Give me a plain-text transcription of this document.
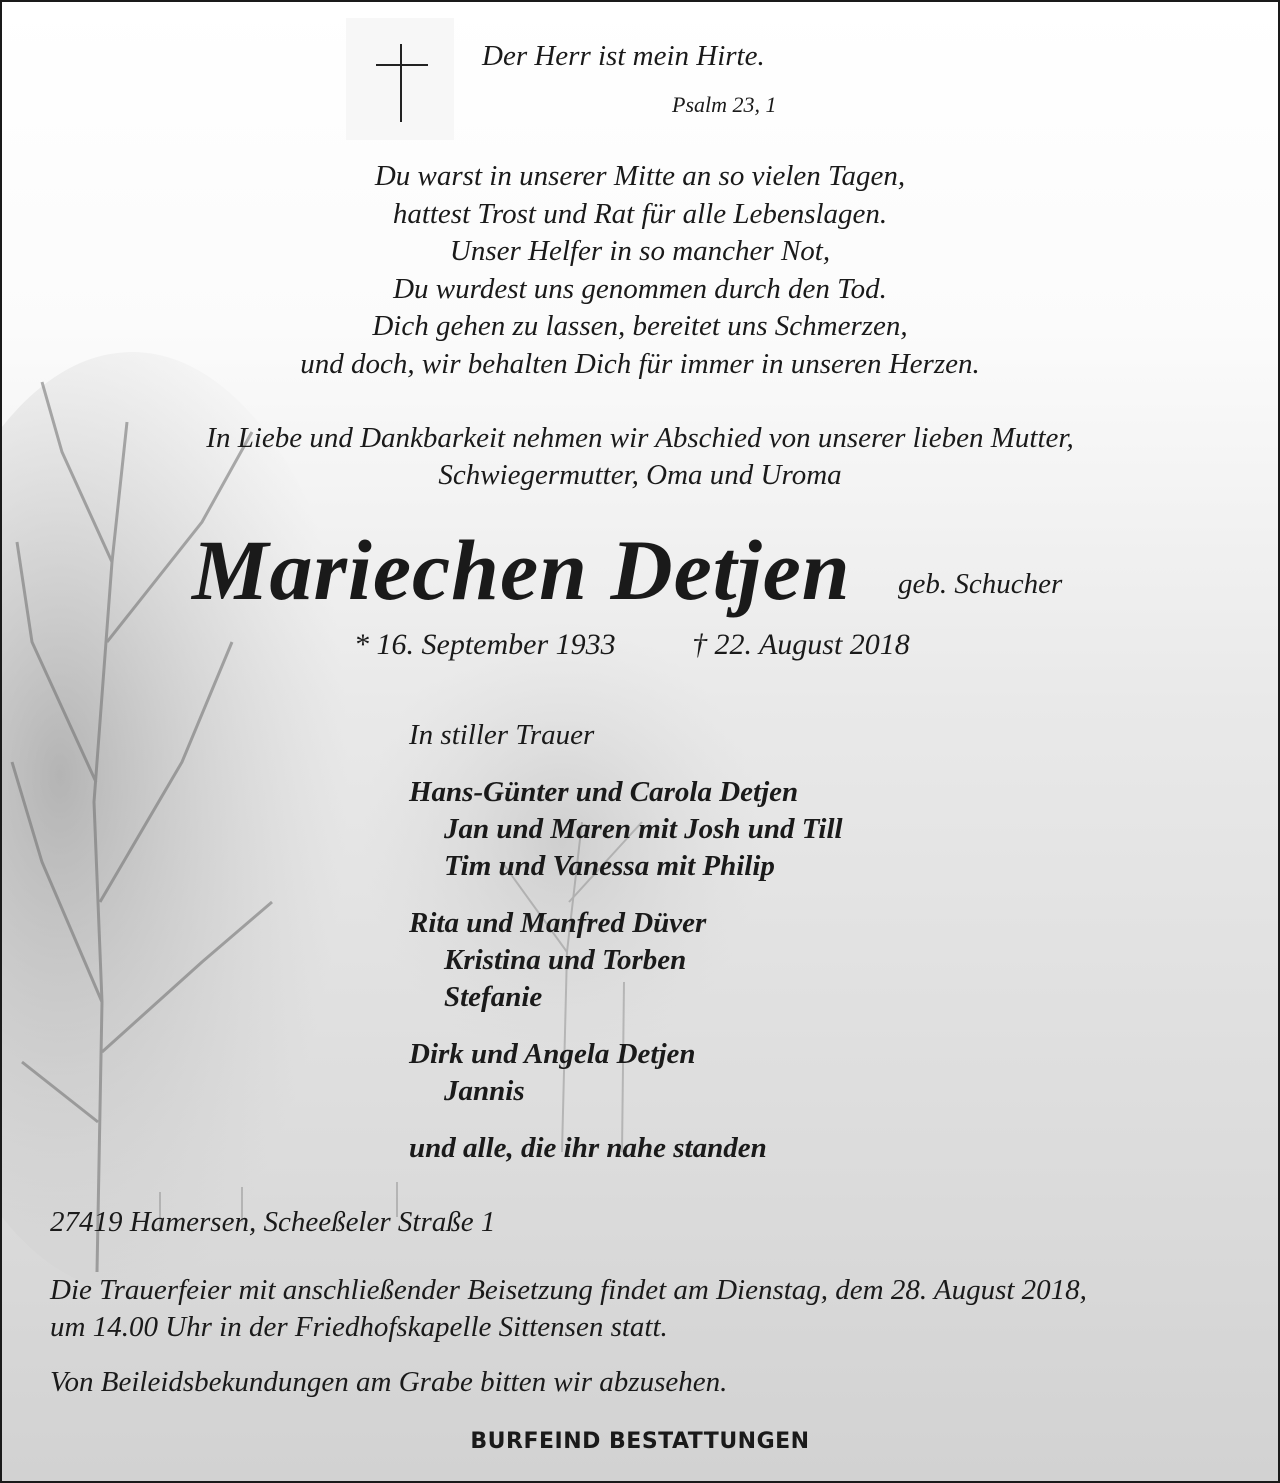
Der Herr ist mein Hirte.
Psalm 23, 1
Du warst in unserer Mitte an so vielen Tagen,
hattest Trost und Rat für alle Lebenslagen.
Unser Helfer in so mancher Not,
Du wurdest uns genommen durch den Tod.
Dich gehen zu lassen, bereitet uns Schmerzen,
und doch, wir behalten Dich für immer in unseren Herzen.
In Liebe und Dankbarkeit nehmen wir Abschied von unserer lieben Mutter,
Schwiegermutter, Oma und Uroma
Mariechen Detjen geb. Schucher
* 16. September 1933	† 22. August 2018
In stiller Trauer
Hans-Günter und Carola Detjen
Jan und Maren mit Josh und Till
Tim und Vanessa mit Philip
Rita und Manfred Düver
Kristina und Torben
Stefanie
Dirk und Angela Detjen
Jannis
und alle, die ihr nahe standen
27419 Hamersen, Scheeßeler Straße 1
Die Trauerfeier mit anschließender Beisetzung findet am Dienstag, dem 28. August 2018,
um 14.00 Uhr in der Friedhofskapelle Sittensen statt.
Von Beileidsbekundungen am Grabe bitten wir abzusehen.
BURFEIND BESTATTUNGEN
